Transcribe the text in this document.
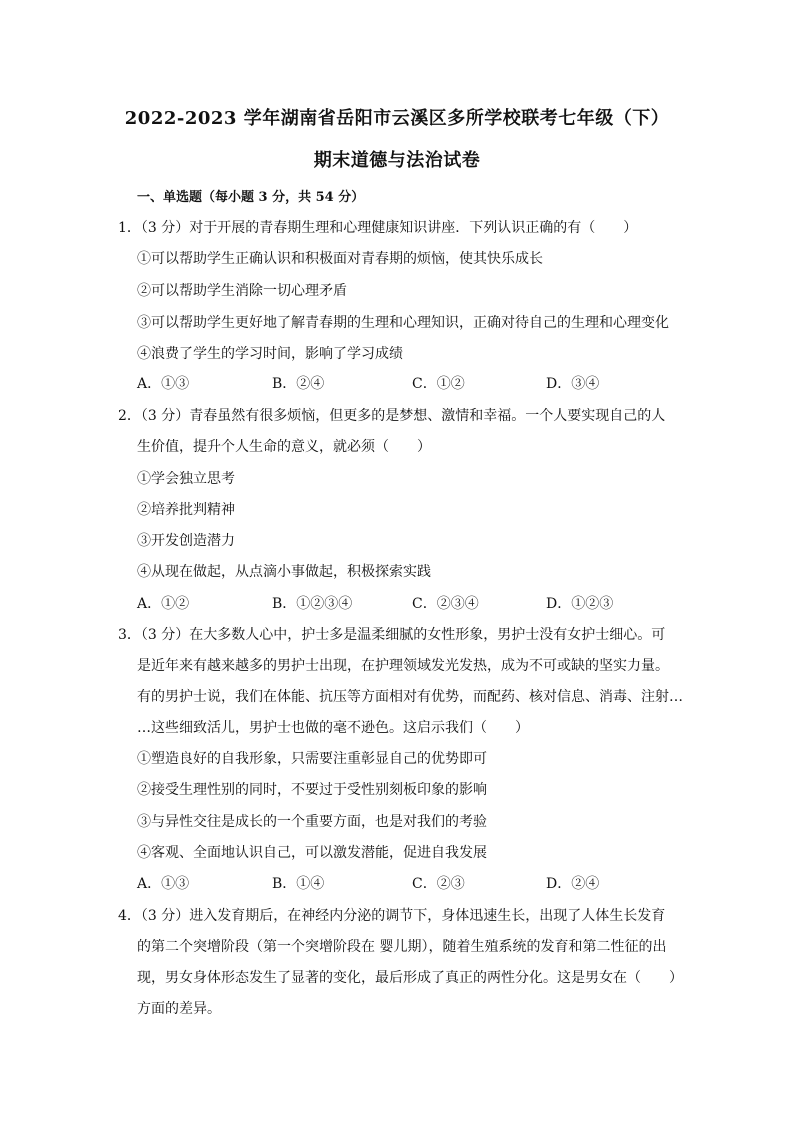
2022-2023 学年湖南省岳阳市云溪区多所学校联考七年级（下）
期末道德与法治试卷
一、单选题（每小题 3 分，共 54 分）
1．（3 分）对于开展的青春期生理和心理健康知识讲座．下列认识正确的有（　　）
①可以帮助学生正确认识和积极面对青春期的烦恼，使其快乐成长
②可以帮助学生消除一切心理矛盾
③可以帮助学生更好地了解青春期的生理和心理知识，正确对待自己的生理和心理变化
④浪费了学生的学习时间，影响了学习成绩
A．①③	B．②④	C．①②	D．③④
2．（3 分）青春虽然有很多烦恼，但更多的是梦想、激情和幸福。一个人要实现自己的人
生价值，提升个人生命的意义，就必须（　　）
①学会独立思考
②培养批判精神
③开发创造潜力
④从现在做起，从点滴小事做起，积极探索实践
A．①②	B．①②③④	C．②③④	D．①②③
3．（3 分）在大多数人心中，护士多是温柔细腻的女性形象，男护士没有女护士细心。可
是近年来有越来越多的男护士出现，在护理领域发光发热，成为不可或缺的坚实力量。
有的男护士说，我们在体能、抗压等方面相对有优势，而配药、核对信息、消毒、注射…
…这些细致活儿，男护士也做的毫不逊色。这启示我们（　　）
①塑造良好的自我形象，只需要注重彰显自己的优势即可
②接受生理性别的同时，不要过于受性别刻板印象的影响
③与异性交往是成长的一个重要方面，也是对我们的考验
④客观、全面地认识自己，可以激发潜能，促进自我发展
A．①③	B．①④	C．②③	D．②④
4．（3 分）进入发育期后，在神经内分泌的调节下，身体迅速生长，出现了人体生长发育
的第二个突增阶段（第一个突增阶段在 婴儿期），随着生殖系统的发育和第二性征的出
现，男女身体形态发生了显著的变化，最后形成了真正的两性分化。这是男女在（　　）
方面的差异。
